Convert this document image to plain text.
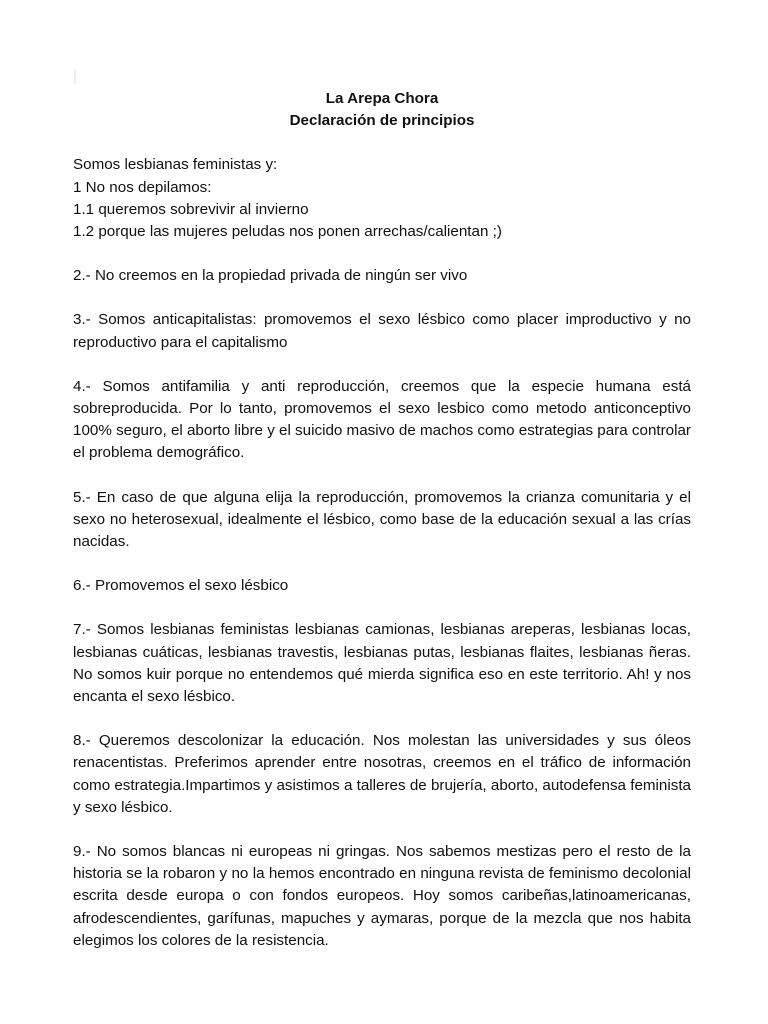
La Arepa Chora

Declaración de principios

Somos lesbianas feministas y:
1 No nos depilamos:
1.1 queremos sobrevivir al invierno
1.2 porque las mujeres peludas nos ponen arrechas/calientan ;)

2.- No creemos en la propiedad privada de ningún ser vivo

3.- Somos anticapitalistas: promovemos el sexo lésbico como placer improductivo y no reproductivo para el capitalismo

4.- Somos antifamilia y anti reproducción, creemos que la especie humana está sobreproducida. Por lo tanto, promovemos el sexo lesbico como metodo anticonceptivo 100% seguro, el aborto libre y el suicido masivo de machos como estrategias para controlar el problema demográfico.

5.- En caso de que alguna elija la reproducción, promovemos la crianza comunitaria y el sexo no heterosexual, idealmente el lésbico, como base de la educación sexual a las crías nacidas.

6.- Promovemos el sexo lésbico

7.- Somos lesbianas feministas lesbianas camionas, lesbianas areperas, lesbianas locas, lesbianas cuáticas, lesbianas travestis, lesbianas putas, lesbianas flaites, lesbianas ñeras. No somos kuir porque no entendemos qué mierda significa eso en este territorio. Ah! y nos encanta el sexo lésbico.

8.- Queremos descolonizar la educación. Nos molestan las universidades y sus óleos renacentistas. Preferimos aprender entre nosotras, creemos en el tráfico de información como estrategia.Impartimos y asistimos a talleres de brujería, aborto, autodefensa feminista y sexo lésbico.

9.- No somos blancas ni europeas ni gringas. Nos sabemos mestizas pero el resto de la historia se la robaron y no la hemos encontrado en ninguna revista de feminismo decolonial escrita desde europa o con fondos europeos. Hoy somos caribeñas,latinoamericanas, afrodescendientes, garífunas, mapuches y aymaras, porque de la mezcla que nos habita elegimos los colores de la resistencia.
